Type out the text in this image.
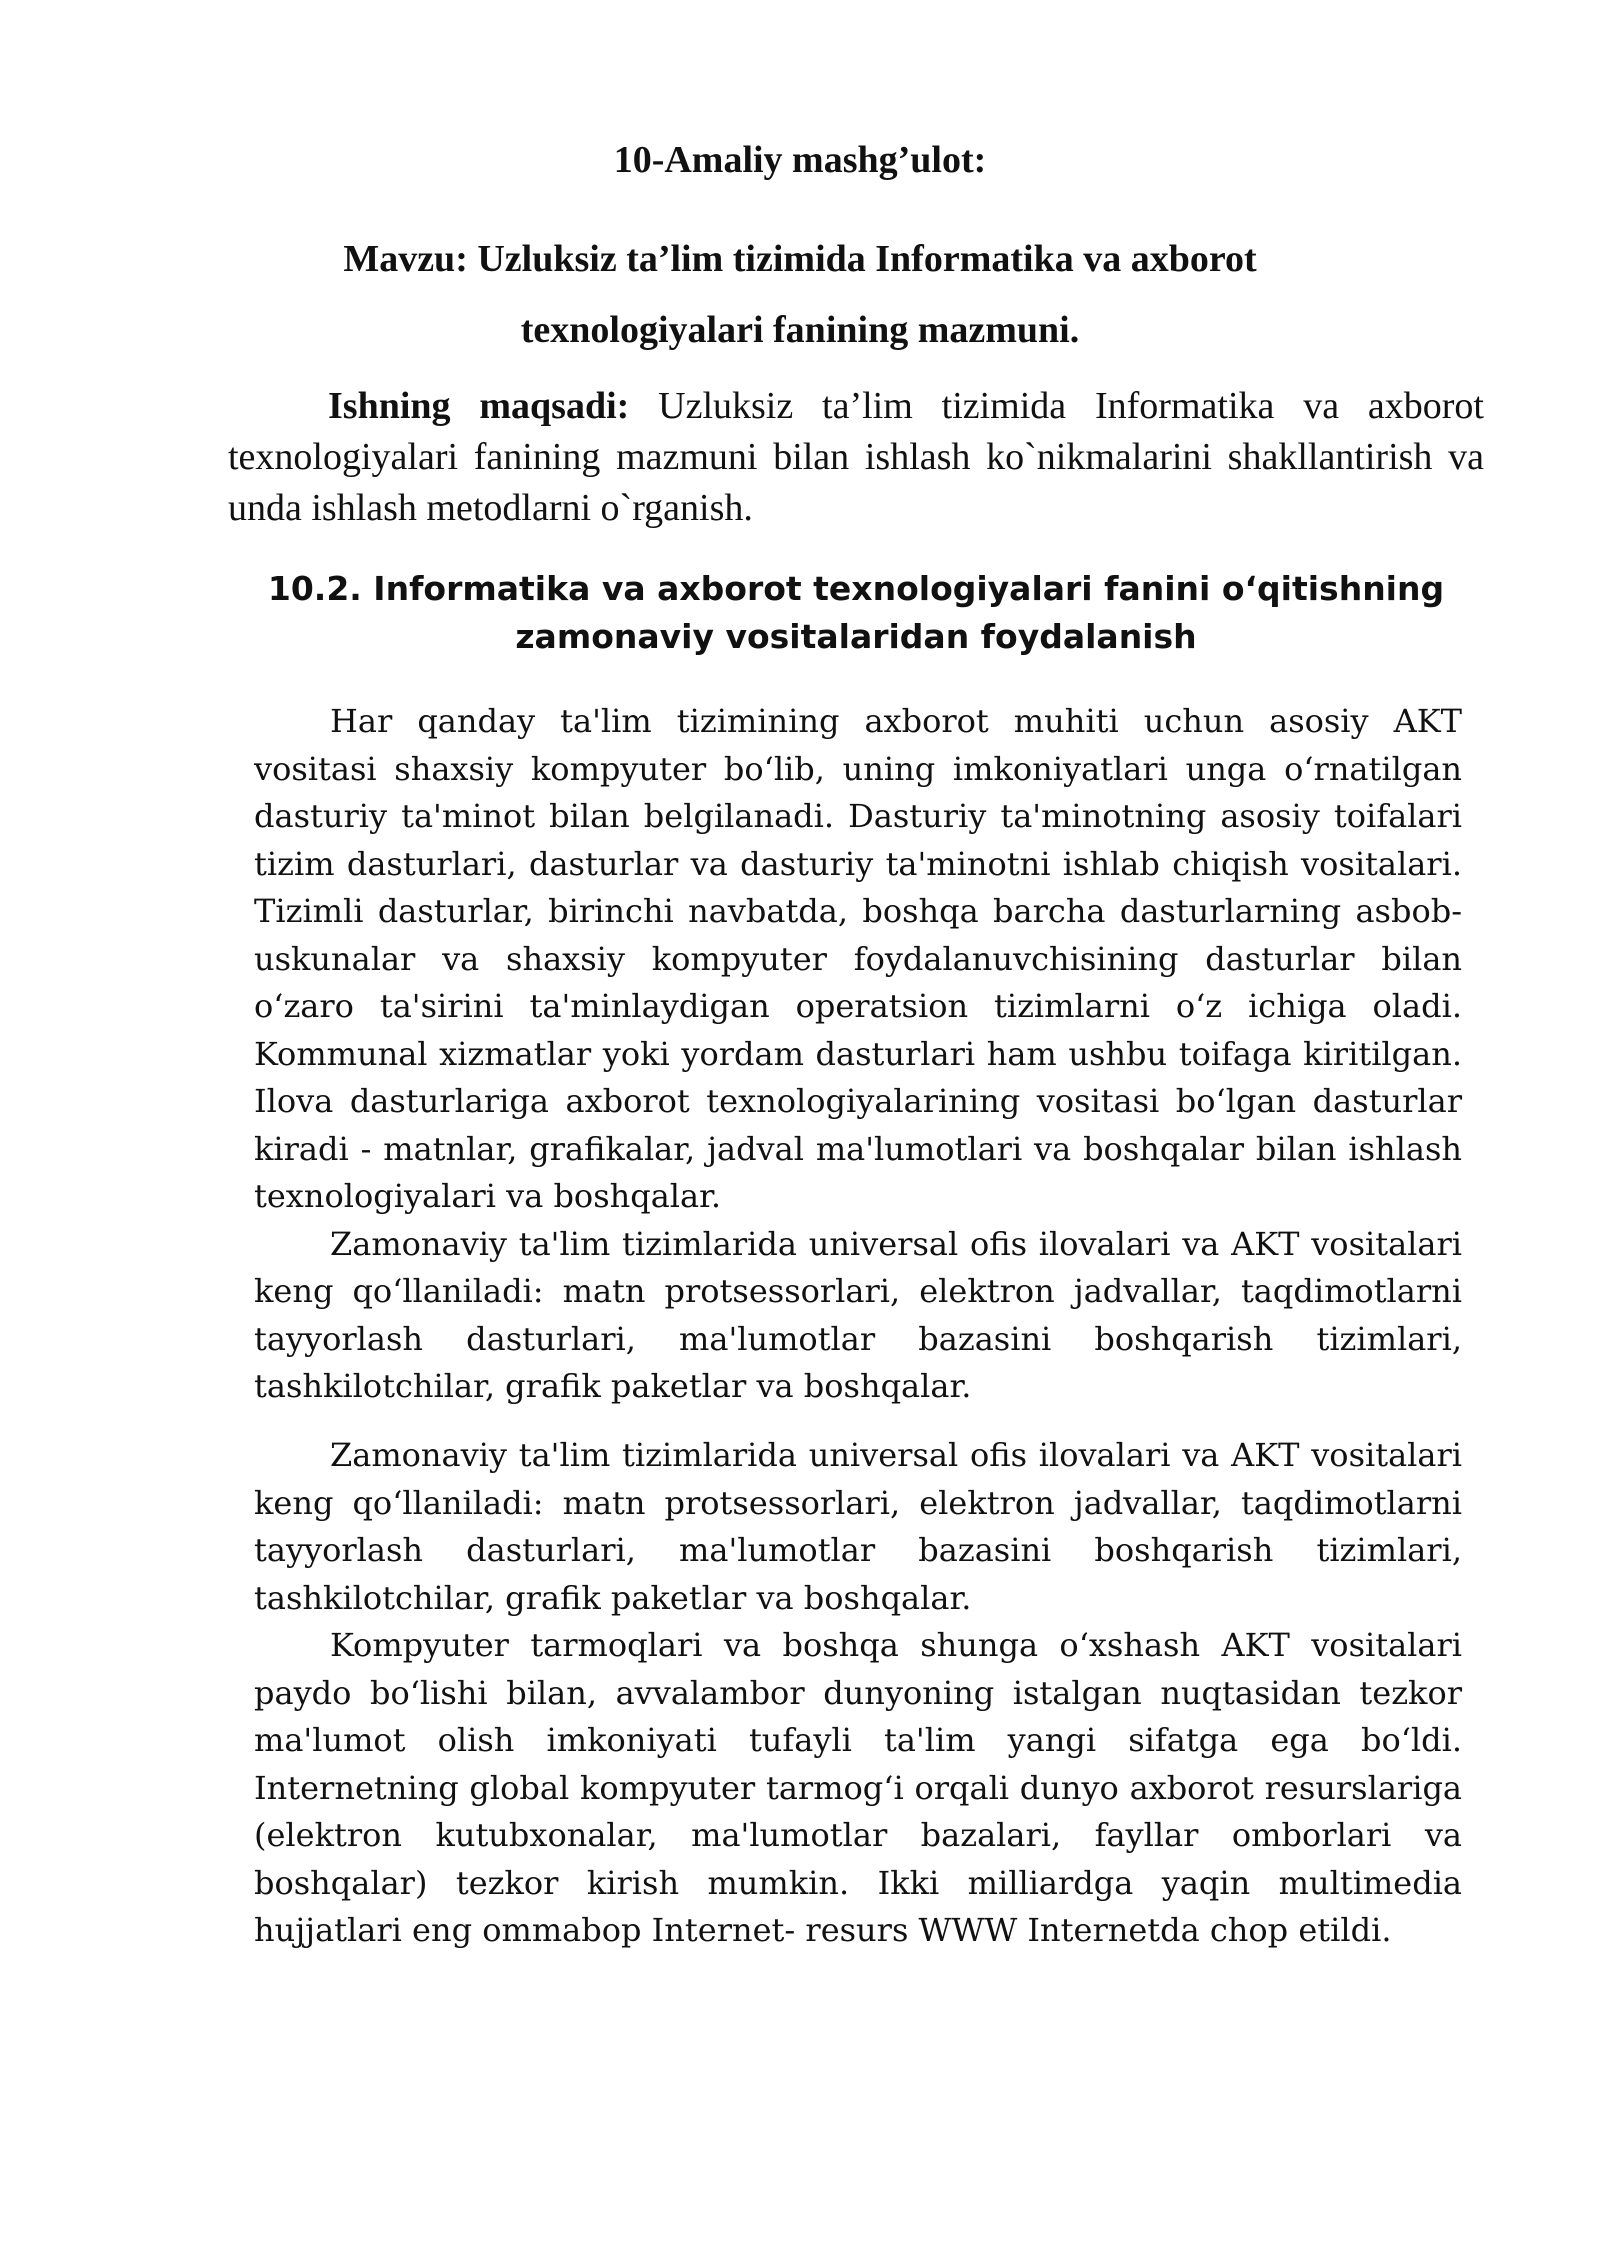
10-Amaliy mashg’ulot:
Mavzu: Uzluksiz ta’lim tizimida Informatika va axborot
texnologiyalari fanining mazmuni.
Ishning maqsadi: Uzluksiz ta’lim tizimida Informatika va axborot texnologiyalari fanining mazmuni bilan ishlash ko`nikmalarini shakllantirish va unda ishlash metodlarni o`rganish.
10.2. Informatika va axborot texnologiyalari fanini o‘qitishning
zamonaviy vositalaridan foydalanish

Har qanday ta'lim tizimining axborot muhiti uchun asosiy AKT vositasi shaxsiy kompyuter bo‘lib, uning imkoniyatlari unga o‘rnatilgan dasturiy ta'minot bilan belgilanadi. Dasturiy ta'minotning asosiy toifalari tizim dasturlari, dasturlar va dasturiy ta'minotni ishlab chiqish vositalari. Tizimli dasturlar, birinchi navbatda, boshqa barcha dasturlarning asbob-uskunalar va shaxsiy kompyuter foydalanuvchisining dasturlar bilan o‘zaro ta'sirini ta'minlaydigan operatsion tizimlarni o‘z ichiga oladi. Kommunal xizmatlar yoki yordam dasturlari ham ushbu toifaga kiritilgan. Ilova dasturlariga axborot texnologiyalarining vositasi bo‘lgan dasturlar kiradi - matnlar, grafikalar, jadval ma'lumotlari va boshqalar bilan ishlash texnologiyalari va boshqalar.

Zamonaviy ta'lim tizimlarida universal ofis ilovalari va AKT vositalari keng qo‘llaniladi: matn protsessorlari, elektron jadvallar, taqdimotlarni tayyorlash dasturlari, ma'lumotlar bazasini boshqarish tizimlari, tashkilotchilar, grafik paketlar va boshqalar.

Zamonaviy ta'lim tizimlarida universal ofis ilovalari va AKT vositalari keng qo‘llaniladi: matn protsessorlari, elektron jadvallar, taqdimotlarni tayyorlash dasturlari, ma'lumotlar bazasini boshqarish tizimlari, tashkilotchilar, grafik paketlar va boshqalar.

Kompyuter tarmoqlari va boshqa shunga o‘xshash AKT vositalari paydo bo‘lishi bilan, avvalambor dunyoning istalgan nuqtasidan tezkor ma'lumot olish imkoniyati tufayli ta'lim yangi sifatga ega bo‘ldi. Internetning global kompyuter tarmog‘i orqali dunyo axborot resurslariga (elektron kutubxonalar, ma'lumotlar bazalari, fayllar omborlari va boshqalar) tezkor kirish mumkin. Ikki milliardga yaqin multimedia hujjatlari eng ommabop Internet- resurs WWW Internetda chop etildi.
